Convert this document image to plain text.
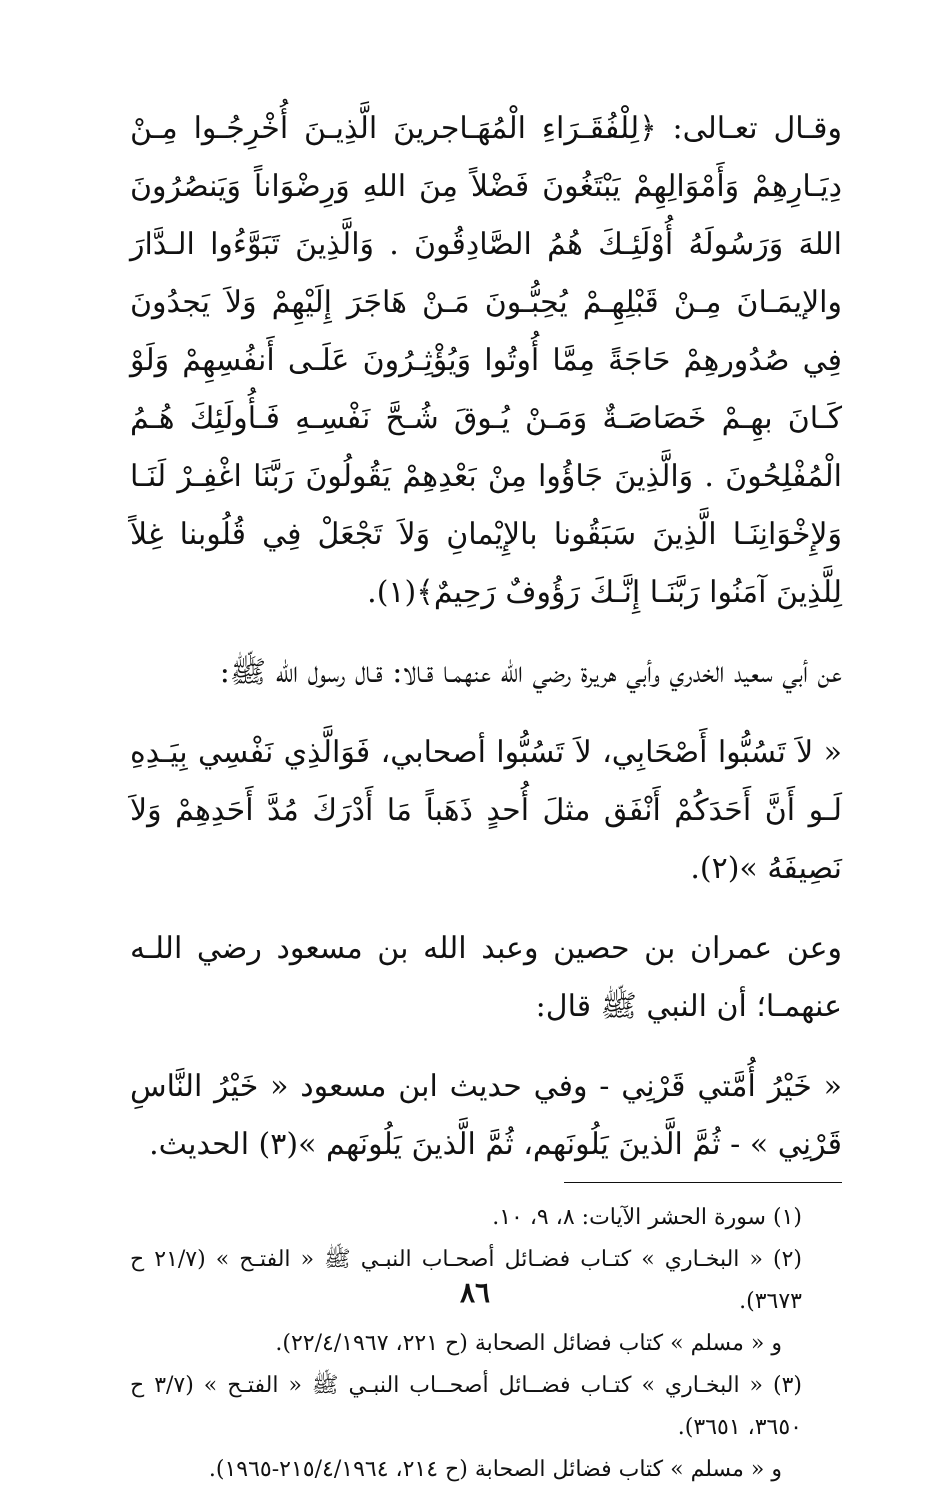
وقـال تعـالى: ﴿لِلْفُقَـرَاءِ الْمُهَـاجرينَ الَّذِيـنَ أُخْرِجُـوا مِـنْ دِيَـارِهِمْ وَأَمْوَالِهِمْ يَبْتَغُونَ فَضْلاً مِنَ اللهِ وَرِضْوَاناً وَيَنصُرُونَ اللهَ وَرَسُولَهُ أُوْلَئِـكَ هُمُ الصَّادِقُونَ . وَالَّذِينَ تَبَوَّءُوا الـدَّارَ والإيمَـانَ مِـنْ قَبْلِهِـمْ يُحِبُّـونَ مَـنْ هَاجَرَ إِلَيْهِمْ وَلاَ يَجدُونَ فِي صُدُورهِمْ حَاجَةً مِمَّا أُوتُوا وَيُؤْثِـرُونَ عَلَـى أَنفُسِهِمْ وَلَوْ كَـانَ بهِـمْ خَصَاصَـةٌ وَمَـنْ يُـوقَ شُـحَّ نَفْسِـهِ فَـأُولَئِكَ هُـمُ الْمُفْلِحُونَ . وَالَّذِينَ جَاؤُوا مِنْ بَعْدِهِمْ يَقُولُونَ رَبَّنَا اغْفِـرْ لَنَـا وَلإِخْوَانِنَـا الَّذِينَ سَبَقُونا بالإِيْمانِ وَلاَ تَجْعَلْ فِي قُلُوبنا غِلاً لِلَّذِينَ آمَنُوا رَبَّنَـا إِنَّـكَ رَؤُوفٌ رَحِيمٌ﴾(١).

عن أبي سعيد الخدري وأبي هريرة رضي الله عنهمـا قـالا: قـال رسول الله ﷺ:

« لاَ تَسُبُّوا أَصْحَابِي، لاَ تَسُبُّوا أصحابي، فَوَالَّذِي نَفْسِي بِيَـدِهِ لَـو أَنَّ أَحَدَكُمْ أَنْفَق مثلَ أُحدٍ ذَهَباً مَا أَدْرَكَ مُدَّ أَحَدِهِمْ وَلاَ نَصِيفَهُ »(٢).

وعن عمران بن حصين وعبد الله بن مسعود رضي اللـه عنهمـا؛ أن النبي ﷺ قال:

« خَيْرُ أُمَّتي قَرْنِي - وفي حديث ابن مسعود « خَيْرُ النَّاسِ قَرْنِي » - ثُمَّ الَّذينَ يَلُونَهم، ثُمَّ الَّذينَ يَلُونَهم »(٣) الحديث.

(١) سورة الحشر الآيات: ٨، ٩، ١٠.

(٢) « البخـاري » كتـاب فضـائل أصحـاب النبـي ﷺ « الفتـح » (٢١/٧ ح ٣٦٧٣).

و « مسلم » كتاب فضائل الصحابة (ح ٢٢١، ٢٢/٤/١٩٦٧).

(٣) « البخـاري » كتـاب فضــائل أصحــاب النبـي ﷺ « الفتـح » (٣/٧ ح ٣٦٥٠، ٣٦٥١).

و « مسلم » كتاب فضائل الصحابة (ح ٢١٤، ٢١٥/٤/١٩٦٤-١٩٦٥).

٨٦
